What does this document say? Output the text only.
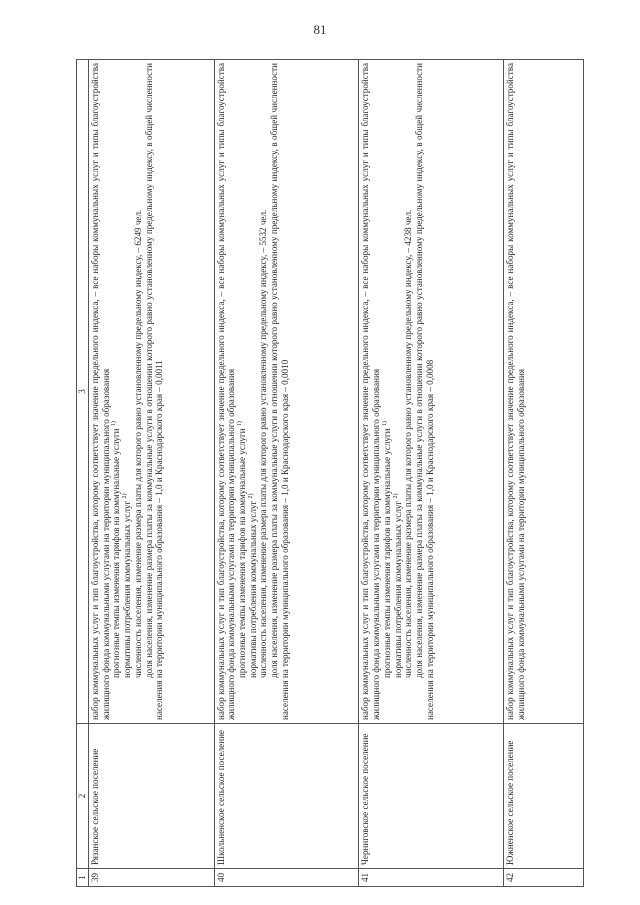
81
1	2	3
39	Рязанское сельское поселение	набор коммунальных услуг и тип благоустройства, которому соответствует значение предельного индекса, – все наборы коммунальных услуг и типы благоустройства жилищного фонда коммунальными услугами на территории муниципального образования прогнозные темпы изменения тарифов на коммунальные услуги $^{1)}$
нормативы потребления коммунальных услуг $^{2)}$ численность населения, изменение размера платы для которого равно установленному предельному индексу, – 6249 чел. доля населения, изменение размера платы за коммунальные услуги в отношении которого равно установленному предельному индексу, в общей численности населения на территории муниципального образования – 1,0 и Краснодарского края – 0,0011

40	Школьненское сельское поселение	набор коммунальных услуг и тип благоустройства, которому соответствует значение предельного индекса, – все наборы коммунальных услуг и типы благоустройства жилищного фонда коммунальными услугами на территории муниципального образования прогнозные темпы изменения тарифов на коммунальные услуги $^{1)}$
нормативы потребления коммунальных услуг $^{2)}$ численность населения, изменение размера платы для которого равно установленному предельному индексу, – 5532 чел. доля населения, изменение размера платы за коммунальные услуги в отношении которого равно установленному предельному индексу, в общей численности населения на территории муниципального образования – 1,0 и Краснодарского края – 0,0010

41	Черниговское сельское поселение	набор коммунальных услуг и тип благоустройства, которому соответствует значение предельного индекса, – все наборы коммунальных услуг и типы благоустройства жилищного фонда коммунальными услугами на территории муниципального образования прогнозные темпы изменения тарифов на коммунальные услуги $^{1)}$
нормативы потребления коммунальных услуг $^{2)}$ численность населения, изменение размера платы для которого равно установленному предельному индексу, – 4238 чел. доля населения, изменение размера платы за коммунальные услуги в отношении которого равно установленному предельному индексу, в общей численности населения на территории муниципального образования – 1,0 и Краснодарского края – 0,0008

42	Южненское сельское поселение	набор коммунальных услуг и тип благоустройства, которому соответствует значение предельного индекса, – все наборы коммунальных услуг и типы благоустройства жилищного фонда коммунальными услугами на территории муниципального образования
